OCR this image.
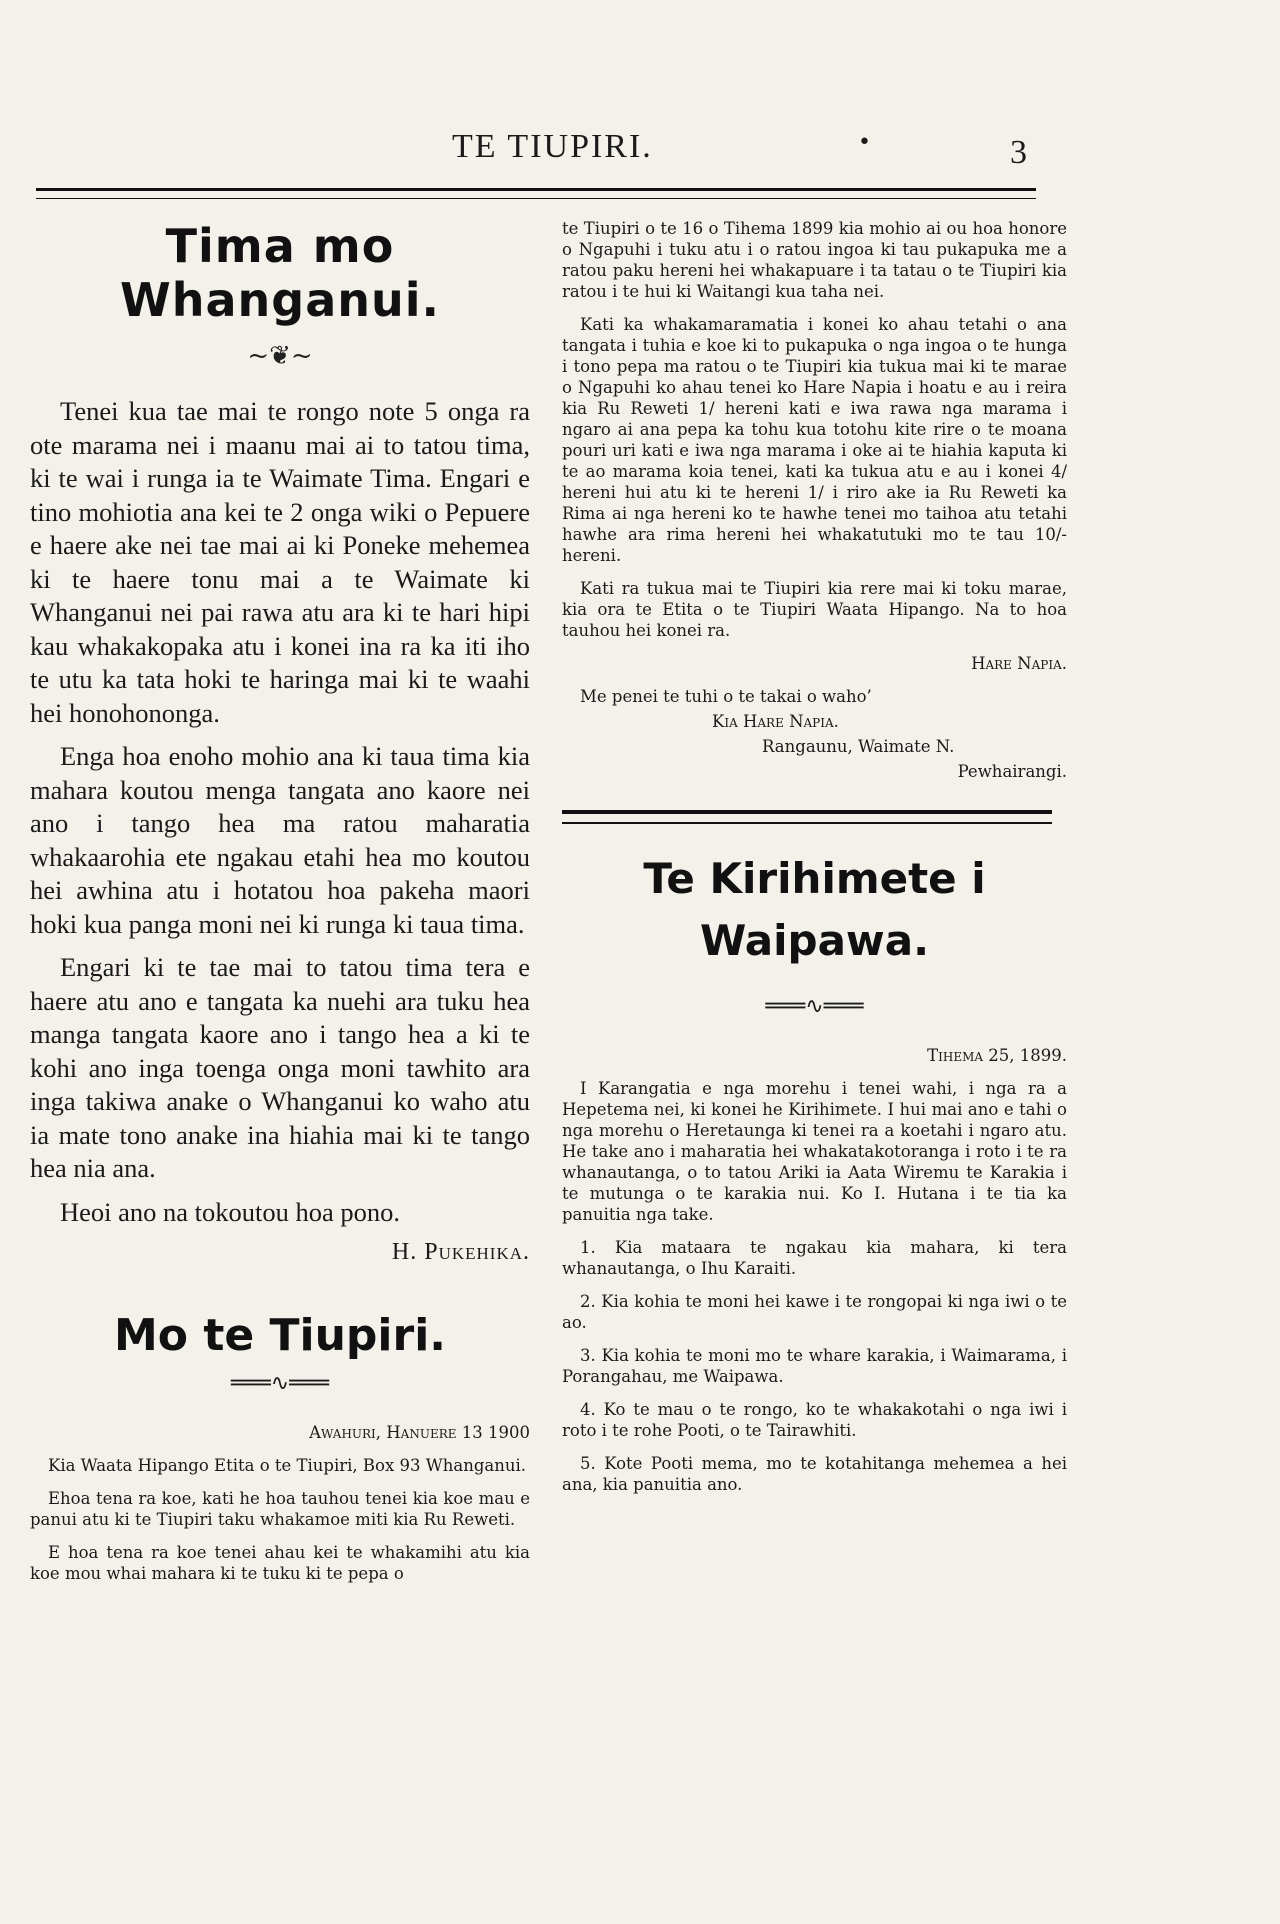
TE TIUPIRI.	•	3
Tima mo Whanganui.
~❦~

Tenei kua tae mai te rongo note 5 onga ra ote marama nei i maanu mai ai to tatou tima, ki te wai i runga ia te Waimate Tima. Engari e tino mohiotia ana kei te 2 onga wiki o Pepuere e haere ake nei tae mai ai ki Poneke mehemea ki te haere tonu mai a te Waimate ki Whanganui nei pai rawa atu ara ki te hari hipi kau whakakopaka atu i konei ina ra ka iti iho te utu ka tata hoki te haringa mai ki te waahi hei honohononga.

Enga hoa enoho mohio ana ki taua tima kia mahara koutou menga tangata ano kaore nei ano i tango hea ma ratou maharatia whakaarohia ete ngakau etahi hea mo koutou hei awhina atu i hotatou hoa pakeha maori hoki kua panga moni nei ki runga ki taua tima.

Engari ki te tae mai to tatou tima tera e haere atu ano e tangata ka nuehi ara tuku hea manga tangata kaore ano i tango hea a ki te kohi ano inga toenga onga moni tawhito ara inga takiwa anake o Whanganui ko waho atu ia mate tono anake ina hiahia mai ki te tango hea nia ana.

Heoi ano na tokoutou hoa pono.

H. Pukehika.
Mo te Tiupiri.
═══∿═══

Awahuri, Hanuere 13 1900

Kia Waata Hipango Etita o te Tiupiri, Box 93 Whanganui.

Ehoa tena ra koe, kati he hoa tauhou tenei kia koe mau e panui atu ki te Tiupiri taku whakamoe miti kia Ru Reweti.

E hoa tena ra koe tenei ahau kei te whakamihi atu kia koe mou whai mahara ki te tuku ki te pepa o

te Tiupiri o te 16 o Tihema 1899 kia mohio ai ou hoa honore o Ngapuhi i tuku atu i o ratou ingoa ki tau pukapuka me a ratou paku hereni hei whakapuare i ta tatau o te Tiupiri kia ratou i te hui ki Waitangi kua taha nei.

Kati ka whakamaramatia i konei ko ahau tetahi o ana tangata i tuhia e koe ki to pukapuka o nga ingoa o te hunga i tono pepa ma ratou o te Tiupiri kia tukua mai ki te marae o Ngapuhi ko ahau tenei ko Hare Napia i hoatu e au i reira kia Ru Reweti 1/ hereni kati e iwa rawa nga marama i ngaro ai ana pepa ka tohu kua totohu kite rire o te moana pouri uri kati e iwa nga marama i oke ai te hiahia kaputa ki te ao marama koia tenei, kati ka tukua atu e au i konei 4/ hereni hui atu ki te hereni 1/ i riro ake ia Ru Reweti ka Rima ai nga hereni ko te hawhe tenei mo taihoa atu tetahi hawhe ara rima hereni hei whakatutuki mo te tau 10/- hereni.

Kati ra tukua mai te Tiupiri kia rere mai ki toku marae, kia ora te Etita o te Tiupiri Waata Hipango. Na to hoa tauhou hei konei ra.

Hare Napia.

Me penei te tuhi o te takai o waho’

Kia Hare Napia.

Rangaunu, Waimate N.

Pewhairangi.

Te Kirihimete i
Waipawa.
═══∿═══

Tihema 25, 1899.

I Karangatia e nga morehu i tenei wahi, i nga ra a Hepetema nei, ki konei he Kirihimete. I hui mai ano e tahi o nga morehu o Heretaunga ki tenei ra a koetahi i ngaro atu. He take ano i maharatia hei whakatakotoranga i roto i te ra whanautanga, o to tatou Ariki ia Aata Wiremu te Karakia i te mutunga o te karakia nui. Ko I. Hutana i te tia ka panuitia nga take.

1. Kia mataara te ngakau kia mahara, ki tera whanautanga, o Ihu Karaiti.

2. Kia kohia te moni hei kawe i te rongopai ki nga iwi o te ao.

3. Kia kohia te moni mo te whare karakia, i Waimarama, i Porangahau, me Waipawa.

4. Ko te mau o te rongo, ko te whakakotahi o nga iwi i roto i te rohe Pooti, o te Tairawhiti.

5. Kote Pooti mema, mo te kotahitanga mehemea a hei ana, kia panuitia ano.
